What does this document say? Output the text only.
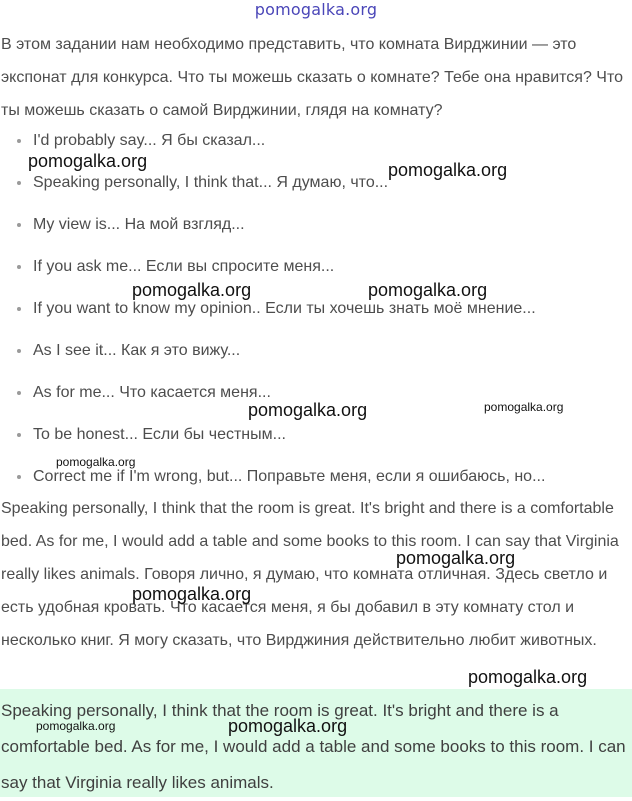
pomogalka.org

В этом задании нам необходимо представить, что комната Вирджинии — это экспонат для конкурса. Что ты можешь сказать о комнате? Тебе она нравится? Что ты можешь сказать о самой Вирджинии, глядя на комнату?

I'd probably say... Я бы сказал...
Speaking personally, I think that... Я думаю, что...
My view is... На мой взгляд...
If you ask me... Если вы спросите меня...
If you want to know my opinion.. Если ты хочешь знать моё мнение...
As I see it... Как я это вижу...
As for me... Что касается меня...
To be honest... Если бы честным...
Correct me if I'm wrong, but... Поправьте меня, если я ошибаюсь, но...

Speaking personally, I think that the room is great. It's bright and there is a comfortable bed. As for me, I would add a table and some books to this room. I can say that Virginia really likes animals. Говоря лично, я думаю, что комната отличная. Здесь светло и есть удобная кровать. Что касается меня, я бы добавил в эту комнату стол и несколько книг. Я могу сказать, что Вирджиния действительно любит животных.

Speaking personally, I think that the room is great. It's bright and there is a comfortable bed. As for me, I would add a table and some books to this room. I can say that Virginia really likes animals.

pomogalka.org	pomogalka.org
pomogalka.org	pomogalka.org
pomogalka.org	pomogalka.org
pomogalka.org
pomogalka.org
pomogalka.org
pomogalka.org
pomogalka.org	pomogalka.org
